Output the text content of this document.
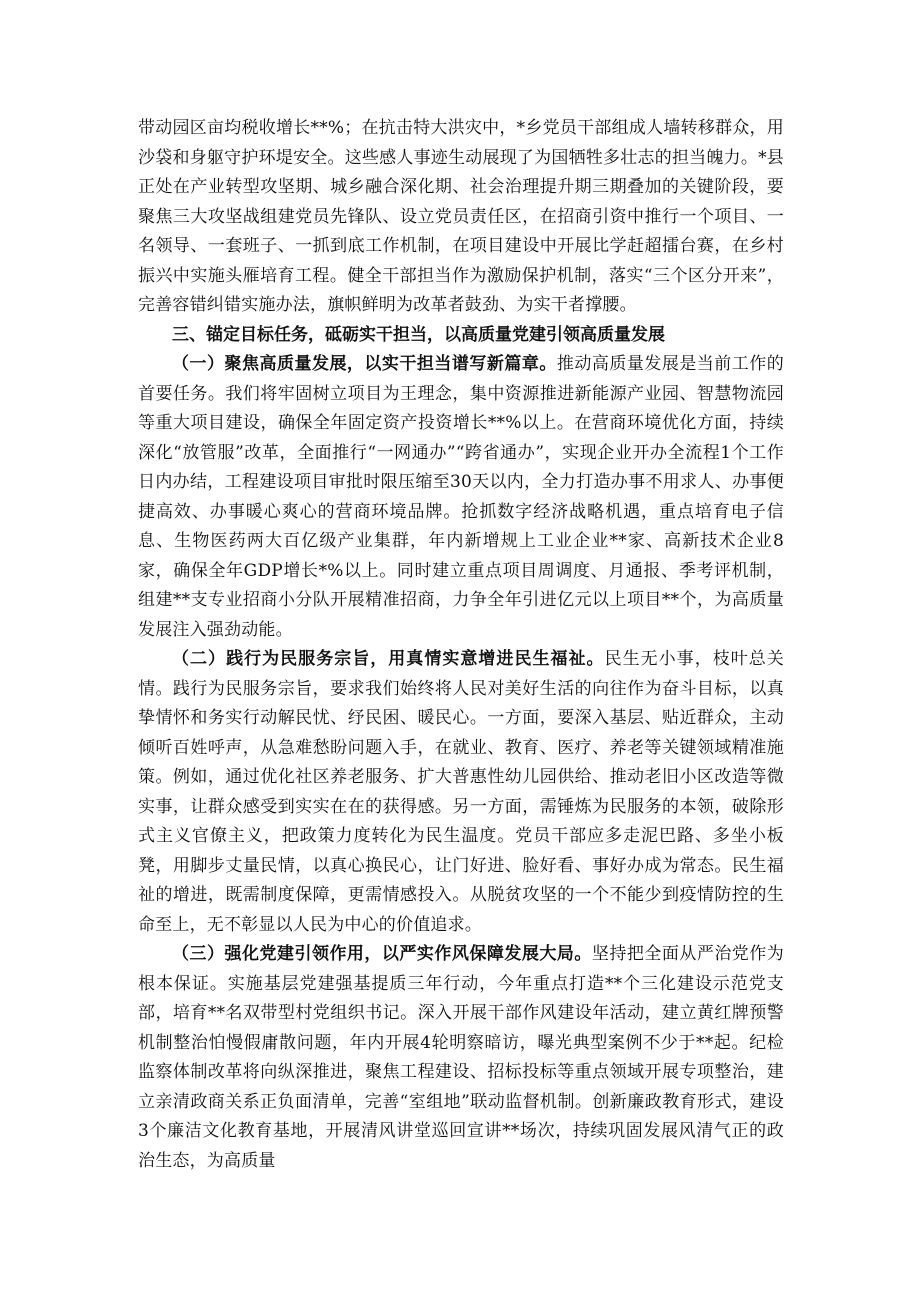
带动园区亩均税收增长**%；在抗击特大洪灾中，*乡党员干部组成人墙转移群众，用沙袋和身躯守护环堤安全。这些感人事迹生动展现了为国牺牲多壮志的担当魄力。*县正处在产业转型攻坚期、城乡融合深化期、社会治理提升期三期叠加的关键阶段，要聚焦三大攻坚战组建党员先锋队、设立党员责任区，在招商引资中推行一个项目、一名领导、一套班子、一抓到底工作机制，在项目建设中开展比学赶超擂台赛，在乡村振兴中实施头雁培育工程。健全干部担当作为激励保护机制，落实“三个区分开来”，完善容错纠错实施办法，旗帜鲜明为改革者鼓劲、为实干者撑腰。

三、锚定目标任务，砥砺实干担当，以高质量党建引领高质量发展

（一）聚焦高质量发展，以实干担当谱写新篇章。推动高质量发展是当前工作的首要任务。我们将牢固树立项目为王理念，集中资源推进新能源产业园、智慧物流园等重大项目建设，确保全年固定资产投资增长**%以上。在营商环境优化方面，持续深化“放管服”改革，全面推行“一网通办”“跨省通办”，实现企业开办全流程1个工作日内办结，工程建设项目审批时限压缩至30天以内，全力打造办事不用求人、办事便捷高效、办事暖心爽心的营商环境品牌。抢抓数字经济战略机遇，重点培育电子信息、生物医药两大百亿级产业集群，年内新增规上工业企业**家、高新技术企业8家，确保全年GDP增长*%以上。同时建立重点项目周调度、月通报、季考评机制，组建**支专业招商小分队开展精准招商，力争全年引进亿元以上项目**个，为高质量发展注入强劲动能。

（二）践行为民服务宗旨，用真情实意增进民生福祉。民生无小事，枝叶总关情。践行为民服务宗旨，要求我们始终将人民对美好生活的向往作为奋斗目标，以真挚情怀和务实行动解民忧、纾民困、暖民心。一方面，要深入基层、贴近群众，主动倾听百姓呼声，从急难愁盼问题入手，在就业、教育、医疗、养老等关键领域精准施策。例如，通过优化社区养老服务、扩大普惠性幼儿园供给、推动老旧小区改造等微实事，让群众感受到实实在在的获得感。另一方面，需锤炼为民服务的本领，破除形式主义官僚主义，把政策力度转化为民生温度。党员干部应多走泥巴路、多坐小板凳，用脚步丈量民情，以真心换民心，让门好进、脸好看、事好办成为常态。民生福祉的增进，既需制度保障，更需情感投入。从脱贫攻坚的一个不能少到疫情防控的生命至上，无不彰显以人民为中心的价值追求。

（三）强化党建引领作用，以严实作风保障发展大局。坚持把全面从严治党作为根本保证。实施基层党建强基提质三年行动，今年重点打造**个三化建设示范党支部，培育**名双带型村党组织书记。深入开展干部作风建设年活动，建立黄红牌预警机制整治怕慢假庸散问题，年内开展4轮明察暗访，曝光典型案例不少于**起。纪检监察体制改革将向纵深推进，聚焦工程建设、招标投标等重点领域开展专项整治，建立亲清政商关系正负面清单，完善“室组地”联动监督机制。创新廉政教育形式，建设3个廉洁文化教育基地，开展清风讲堂巡回宣讲**场次，持续巩固发展风清气正的政治生态，为高质量
